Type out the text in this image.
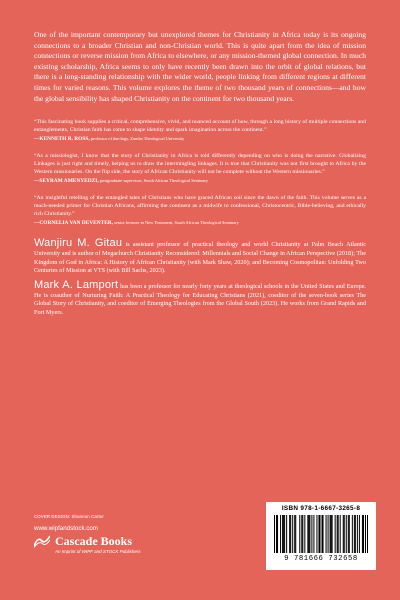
One of the important contemporary but unexplored themes for Christianity in Africa today is its ongoing connections to a broader Christian and non-Christian world. This is quite apart from the idea of mission connections or reverse mission from Africa to elsewhere, or any mission-themed global connection. In much existing scholarship, Africa seems to only have recently been drawn into the orbit of global relations, but there is a long-standing relationship with the wider world, people linking from different regions at different times for varied reasons. This volume explores the theme of two thousand years of connections—and how the global sensibility has shaped Christianity on the continent for two thousand years.

“This fascinating book supplies a critical, comprehensive, vivid, and nuanced account of how, through a long history of multiple connections and entanglements, Christian faith has come to shape identity and spark imagination across the continent.”
—KENNETH R. ROSS, professor of theology, Zomba Theological University

“As a missiologist, I know that the story of Christianity in Africa is told differently depending on who is doing the narrative. Globalizing Linkages is just right and timely, helping us to draw the intermingling linkages. It is true that Christianity was not first brought to Africa by the Western missionaries. On the flip side, the story of African Christianity will not be complete without the Western missionaries.”
—SEYRAM AMENYEDZI, postgraduate supervisor, South African Theological Seminary

“An insightful retelling of the entangled tales of Christians who have graced African soil since the dawn of the faith. This volume serves as a much-needed primer for Christian Africans, affirming the continent as a midwife to confessional, Christocentric, Bible-believing, and ethically rich Christianity.”
—CORNELIA VAN DEVENTER, senior lecturer in New Testament, South African Theological Seminary

Wanjiru M. Gitau is assistant professor of practical theology and world Christianity at Palm Beach Atlantic University and is author of Megachurch Christianity Reconsidered: Millennials and Social Change in African Perspective (2018); The Kingdom of God in Africa: A History of African Christianity (with Mark Shaw, 2020); and Becoming Cosmopolitan: Unfolding Two Centuries of Mission at VTS (with Bill Sachs, 2023).

Mark A. Lamport has been a professor for nearly forty years at theological schools in the United States and Europe. He is coauthor of Nurturing Faith: A Practical Theology for Educating Christians (2021), coeditor of the seven-book series The Global Story of Christianity, and coeditor of Emerging Theologies from the Global South (2023). He works from Grand Rapids and Fort Myers.

COVER DESIGN: Shannon Carter
www.wipfandstock.com
Cascade Books
An Imprint of WIPF and STOCK Publishers
ISBN 978-1-6667-3265-8
9 781666 732658
